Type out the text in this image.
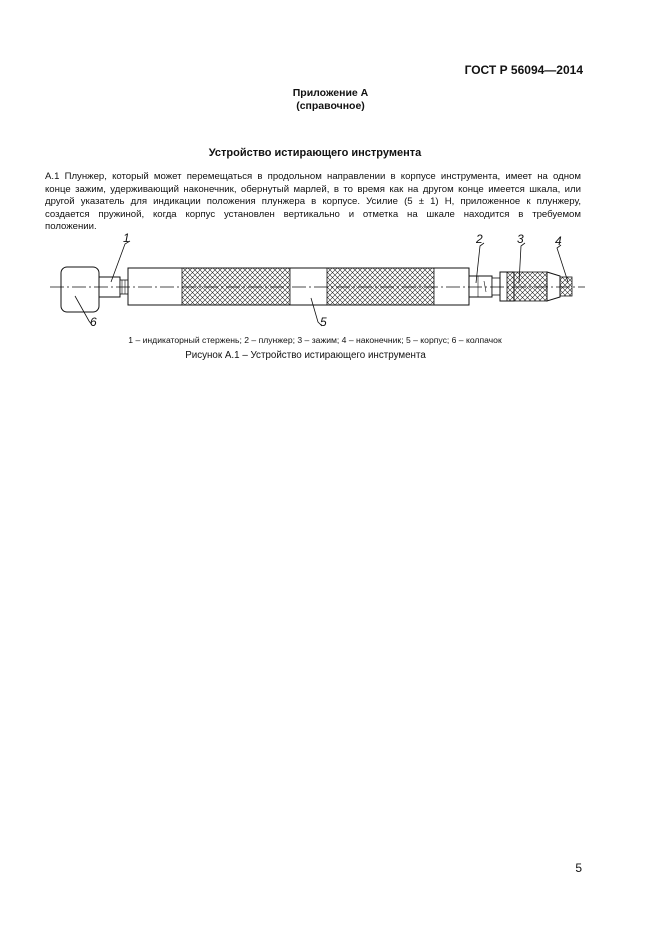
ГОСТ Р 56094—2014
Приложение А
(справочное)
Устройство истирающего инструмента
А.1 Плунжер, который может перемещаться в продольном направлении в корпусе инструмента, имеет на одном
конце зажим, удерживающий наконечник, обернутый марлей, в то время как на другом конце имеется шкала, или
другой указатель для индикации положения плунжера в корпусе. Усилие (5 ± 1) Н, приложенное к плунжеру,
создается пружиной, когда корпус установлен вертикально и отметка на шкале находится в требуемом
положении.
1	2	3	4
5
6
1 – индикаторный стержень; 2 – плунжер; 3 – зажим; 4 – наконечник; 5 – корпус; 6 – колпачок
Рисунок А.1 – Устройство истирающего инструмента
5
